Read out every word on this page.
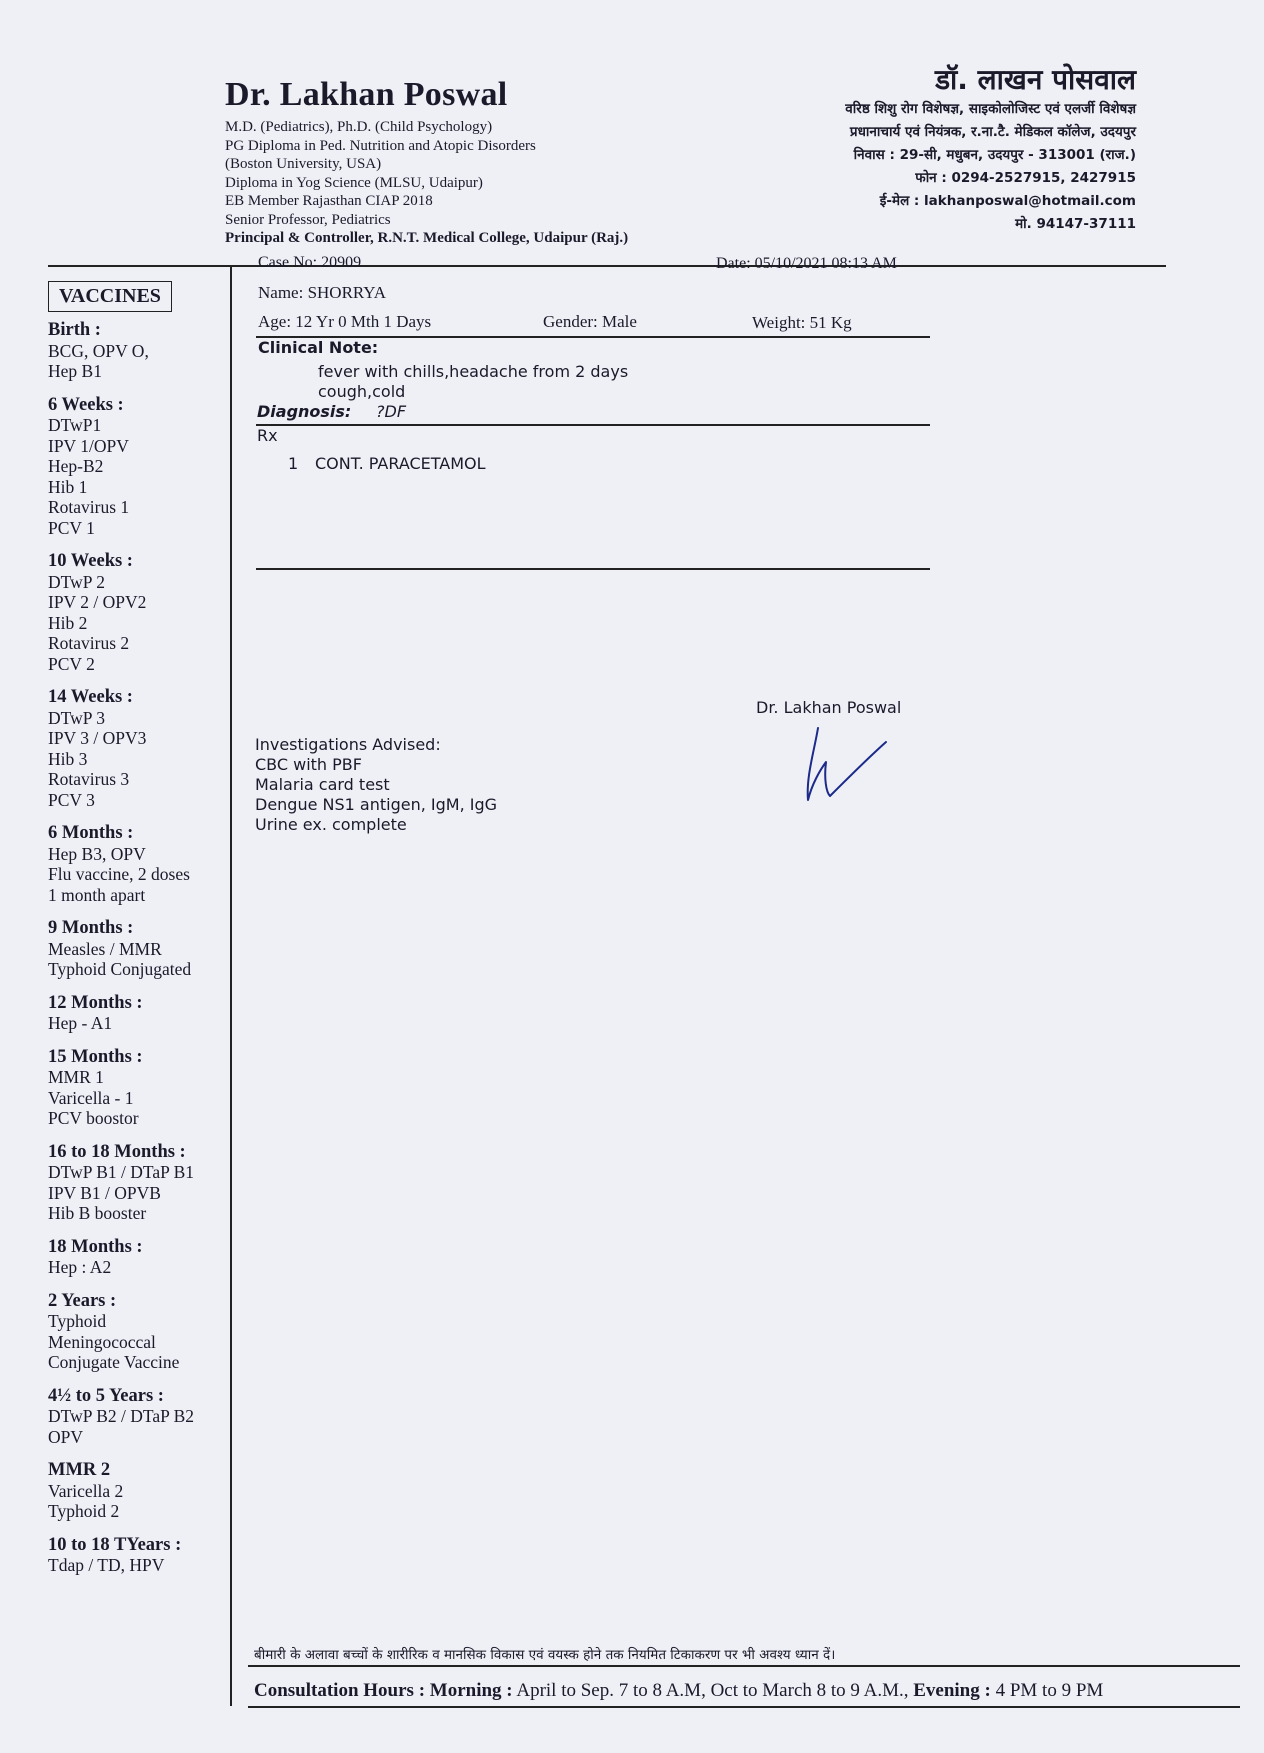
Dr. Lakhan Poswal
M.D. (Pediatrics), Ph.D. (Child Psychology)
PG Diploma in Ped. Nutrition and Atopic Disorders
(Boston University, USA)
Diploma in Yog Science (MLSU, Udaipur)
EB Member Rajasthan CIAP 2018
Senior Professor, Pediatrics
Principal & Controller, R.N.T. Medical College, Udaipur (Raj.)
डॉ. लाखन पोसवाल
वरिष्ठ शिशु रोग विशेषज्ञ, साइकोलोजिस्ट एवं एलर्जी विशेषज्ञ
प्रधानाचार्य एवं नियंत्रक, र.ना.टै. मेडिकल कॉलेज, उदयपुर
निवास : 29-सी, मधुबन, उदयपुर - 313001 (राज.)
फोन : 0294-2527915, 2427915
ई-मेल : lakhanposwal@hotmail.com
मो. 94147-37111
VACCINES
Birth :
BCG, OPV O,
Hep B1
6 Weeks :
DTwP1
IPV 1/OPV
Hep-B2
Hib 1
Rotavirus 1
PCV 1
10 Weeks :
DTwP 2
IPV 2 / OPV2
Hib 2
Rotavirus 2
PCV 2
14 Weeks :
DTwP 3
IPV 3 / OPV3
Hib 3
Rotavirus 3
PCV 3
6 Months :
Hep B3, OPV
Flu vaccine, 2 doses
1 month apart
9 Months :
Measles / MMR
Typhoid Conjugated
12 Months :
Hep - A1
15 Months :
MMR 1
Varicella - 1
PCV boostor
16 to 18 Months :
DTwP B1 / DTaP B1
IPV B1 / OPVB
Hib B booster
18 Months :
Hep : A2
2 Years :
Typhoid
Meningococcal
Conjugate Vaccine
4½ to 5 Years :
DTwP B2 / DTaP B2
OPV
MMR 2
Varicella 2
Typhoid 2
10 to 18 TYears :
Tdap / TD, HPV
Case No: 20909	Date: 05/10/2021 08:13 AM
Name: SHORRYA
Age: 12 Yr 0 Mth 1 Days	Gender: Male	Weight: 51 Kg
Clinical Note:
fever with chills,headache from 2 days
cough,cold
Diagnosis: ?DF
Rx
1 CONT. PARACETAMOL
Dr. Lakhan Poswal
Investigations Advised:
CBC with PBF
Malaria card test
Dengue NS1 antigen, IgM, IgG
Urine ex. complete
बीमारी के अलावा बच्चों के शारीरिक व मानसिक विकास एवं वयस्क होने तक नियमित टिकाकरण पर भी अवश्य ध्यान दें।
Consultation Hours : Morning : April to Sep. 7 to 8 A.M, Oct to March 8 to 9 A.M., Evening : 4 PM to 9 PM
